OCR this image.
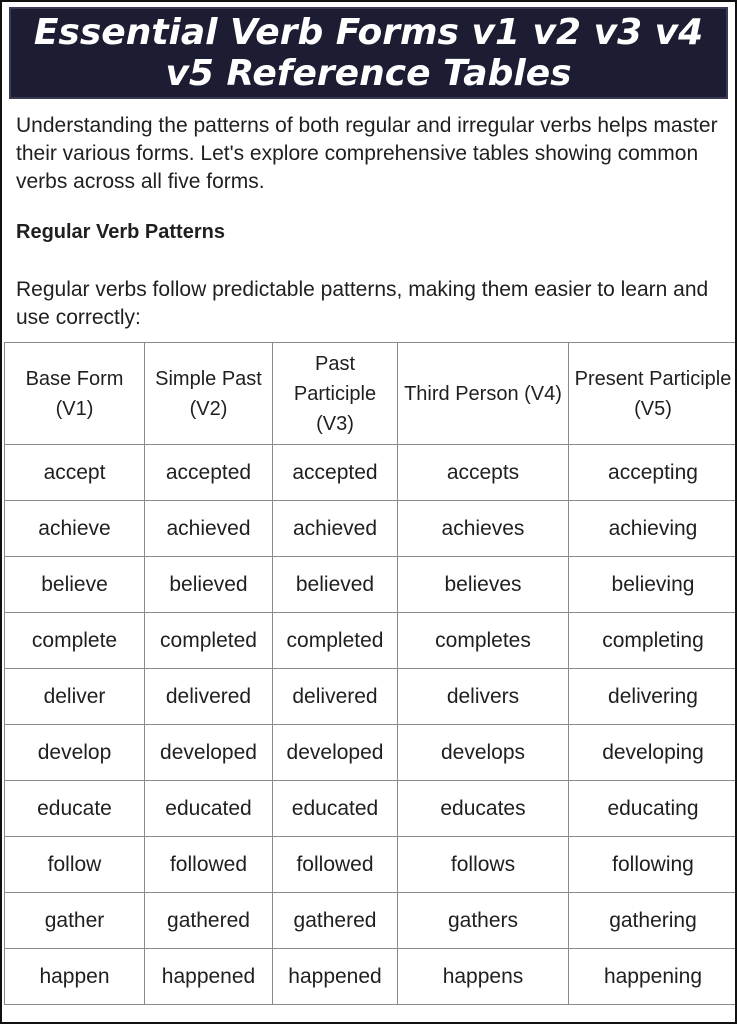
Essential Verb Forms v1 v2 v3 v4 v5 Reference Tables

Understanding the patterns of both regular and irregular verbs helps master their various forms. Let's explore comprehensive tables showing common verbs across all five forms.

Regular Verb Patterns

Regular verbs follow predictable patterns, making them easier to learn and use correctly:

Base Form (V1)	Simple Past (V2)	Past Participle (V3)	Third Person (V4)	Present Participle (V5)
accept	accepted	accepted	accepts	accepting
achieve	achieved	achieved	achieves	achieving
believe	believed	believed	believes	believing
complete	completed	completed	completes	completing
deliver	delivered	delivered	delivers	delivering
develop	developed	developed	develops	developing
educate	educated	educated	educates	educating
follow	followed	followed	follows	following
gather	gathered	gathered	gathers	gathering
happen	happened	happened	happens	happening
